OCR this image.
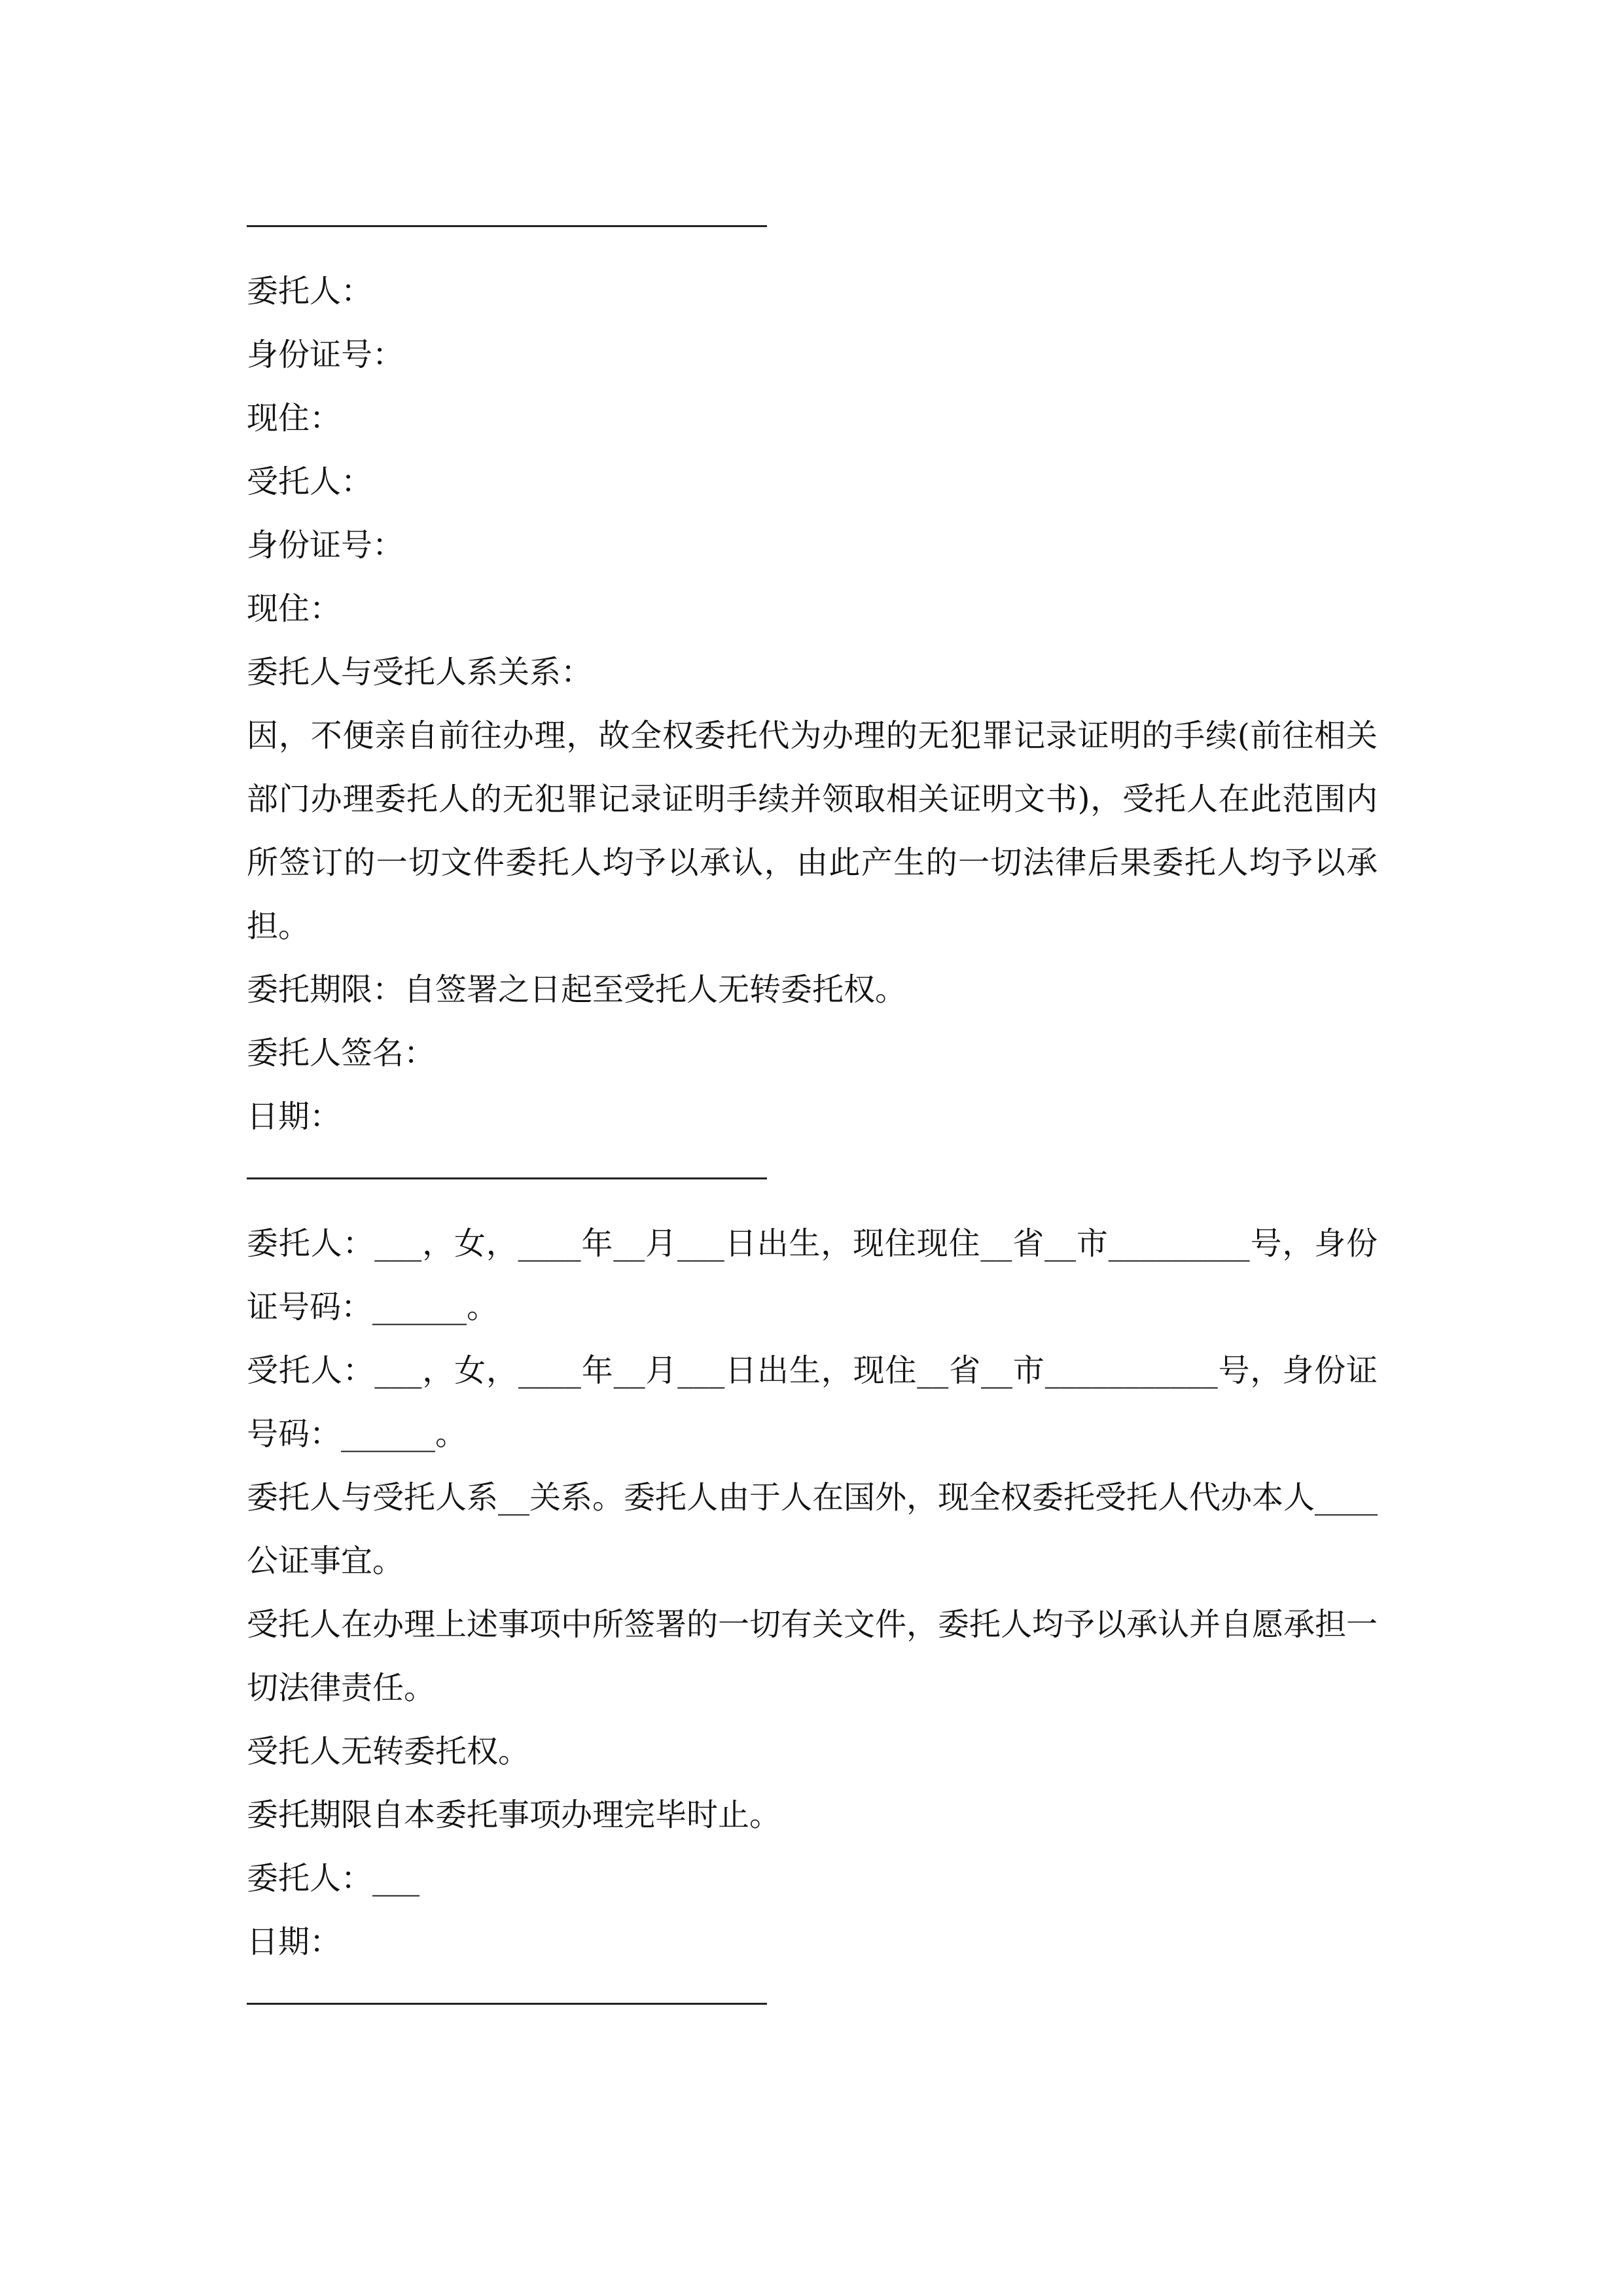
委托人：

身份证号：

现住：

受托人：

身份证号：

现住：

委托人与受托人系关系：

因，不便亲自前往办理，故全权委托代为办理的无犯罪记录证明的手续(前往相关部门办理委托人的无犯罪记录证明手续并领取相关证明文书)，受托人在此范围内所签订的一切文件委托人均予以承认，由此产生的一切法律后果委托人均予以承担。

委托期限：自签署之日起至受托人无转委托权。

委托人签名：

日期：

委托人：___，女，____年__月___日出生，现住现住__省__市_________号，身份证号码：______。

受托人：___，女，____年__月___日出生，现住__省__市___________号，身份证号码：______。

委托人与受托人系__关系。委托人由于人在国外，现全权委托受托人代办本人____公证事宜。

受托人在办理上述事项中所签署的一切有关文件，委托人均予以承认并自愿承担一切法律责任。

受托人无转委托权。

委托期限自本委托事项办理完毕时止。

委托人：___

日期：
